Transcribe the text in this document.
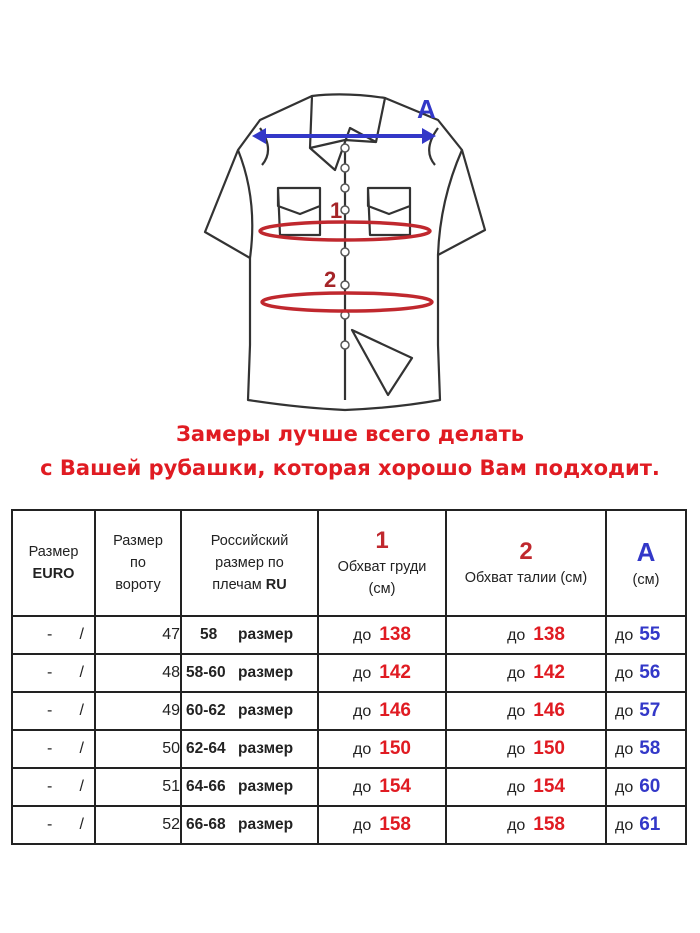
A
1
2
Замеры лучше всего делать
с Вашей рубашки, которая хорошо Вам подходит.
Размер
EURO	Размер
по
вороту	Российский
размер по
плечам RU	1
Обхват груди
(см)	2
Обхват талии (см)	A
(см)

- /	47	58 размер	до 138	до 138	до 55

- /	48	58-60 размер	до 142	до 142	до 56

- /	49	60-62 размер	до 146	до 146	до 57

- /	50	62-64 размер	до 150	до 150	до 58

- /	51	64-66 размер	до 154	до 154	до 60

- /	52	66-68 размер	до 158	до 158	до 61
